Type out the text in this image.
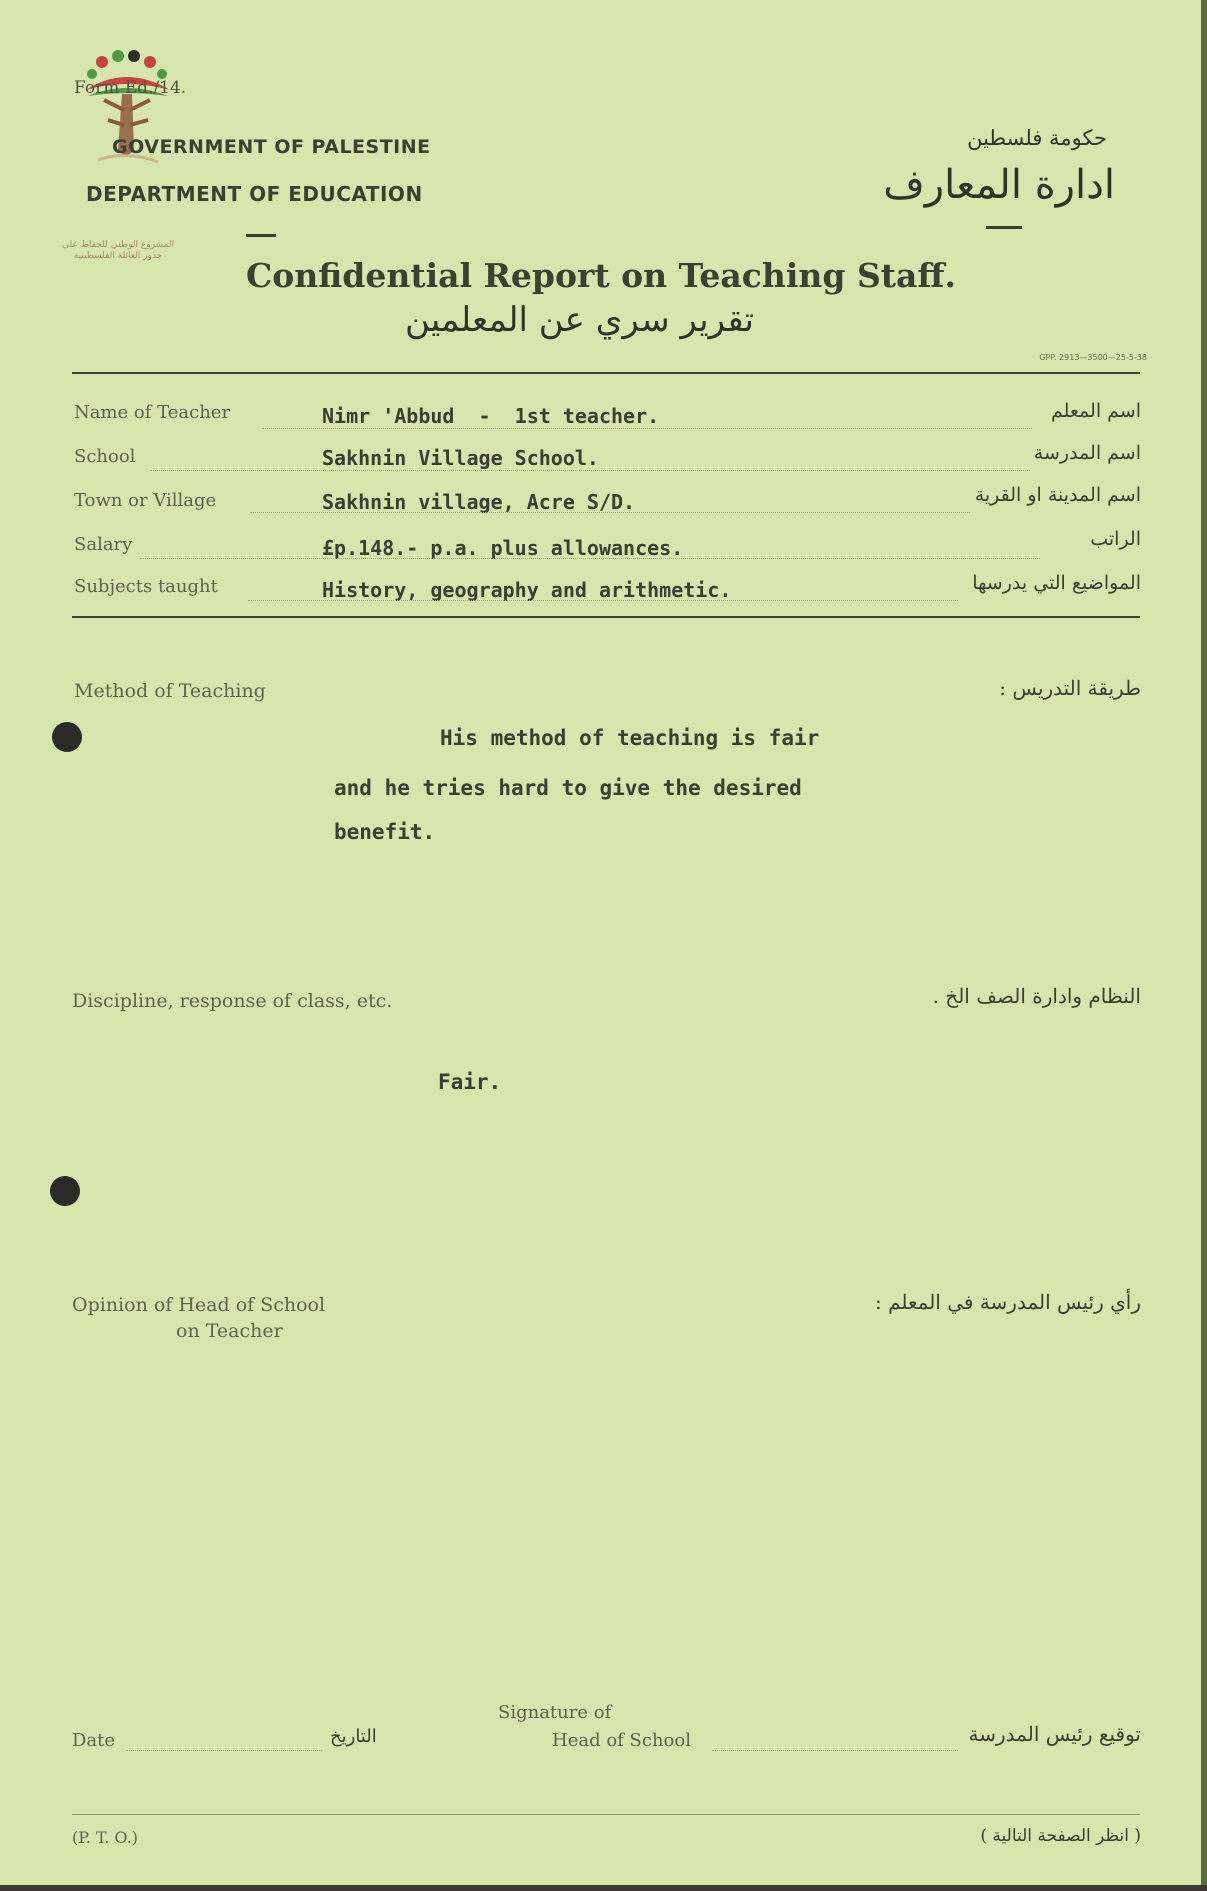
المشروع الوطني للحفاظ على جذور العائلة الفلسطينية
Form Ed./14.
GOVERNMENT OF PALESTINE
DEPARTMENT OF EDUCATION
حكومة فلسطين
ادارة المعارف
Confidential Report on Teaching Staff.
تقرير سري عن المعلمين
GPP. 2913—3500—25-5-38
Name of Teacher	Nimr 'Abbud  -  1st teacher.	اسم المعلم
School	Sakhnin Village School.	اسم المدرسة
Town or Village	Sakhnin village, Acre S/D.	اسم المدينة او القرية
Salary	£p.148.- p.a. plus allowances.	الراتب
Subjects taught	History, geography and arithmetic.	المواضيع التي يدرسها
Method of Teaching	طريقة التدريس :
His method of teaching is fair
and he tries hard to give the desired
benefit.
Discipline, response of class, etc.	النظام وادارة الصف الخ .
Fair.
Opinion of Head of School
on Teacher
رأي رئيس المدرسة في المعلم :
Date	التاريخ
Signature of
Head of School	توقيع رئيس المدرسة
(P. T. O.)	( انظر الصفحة التالية )
